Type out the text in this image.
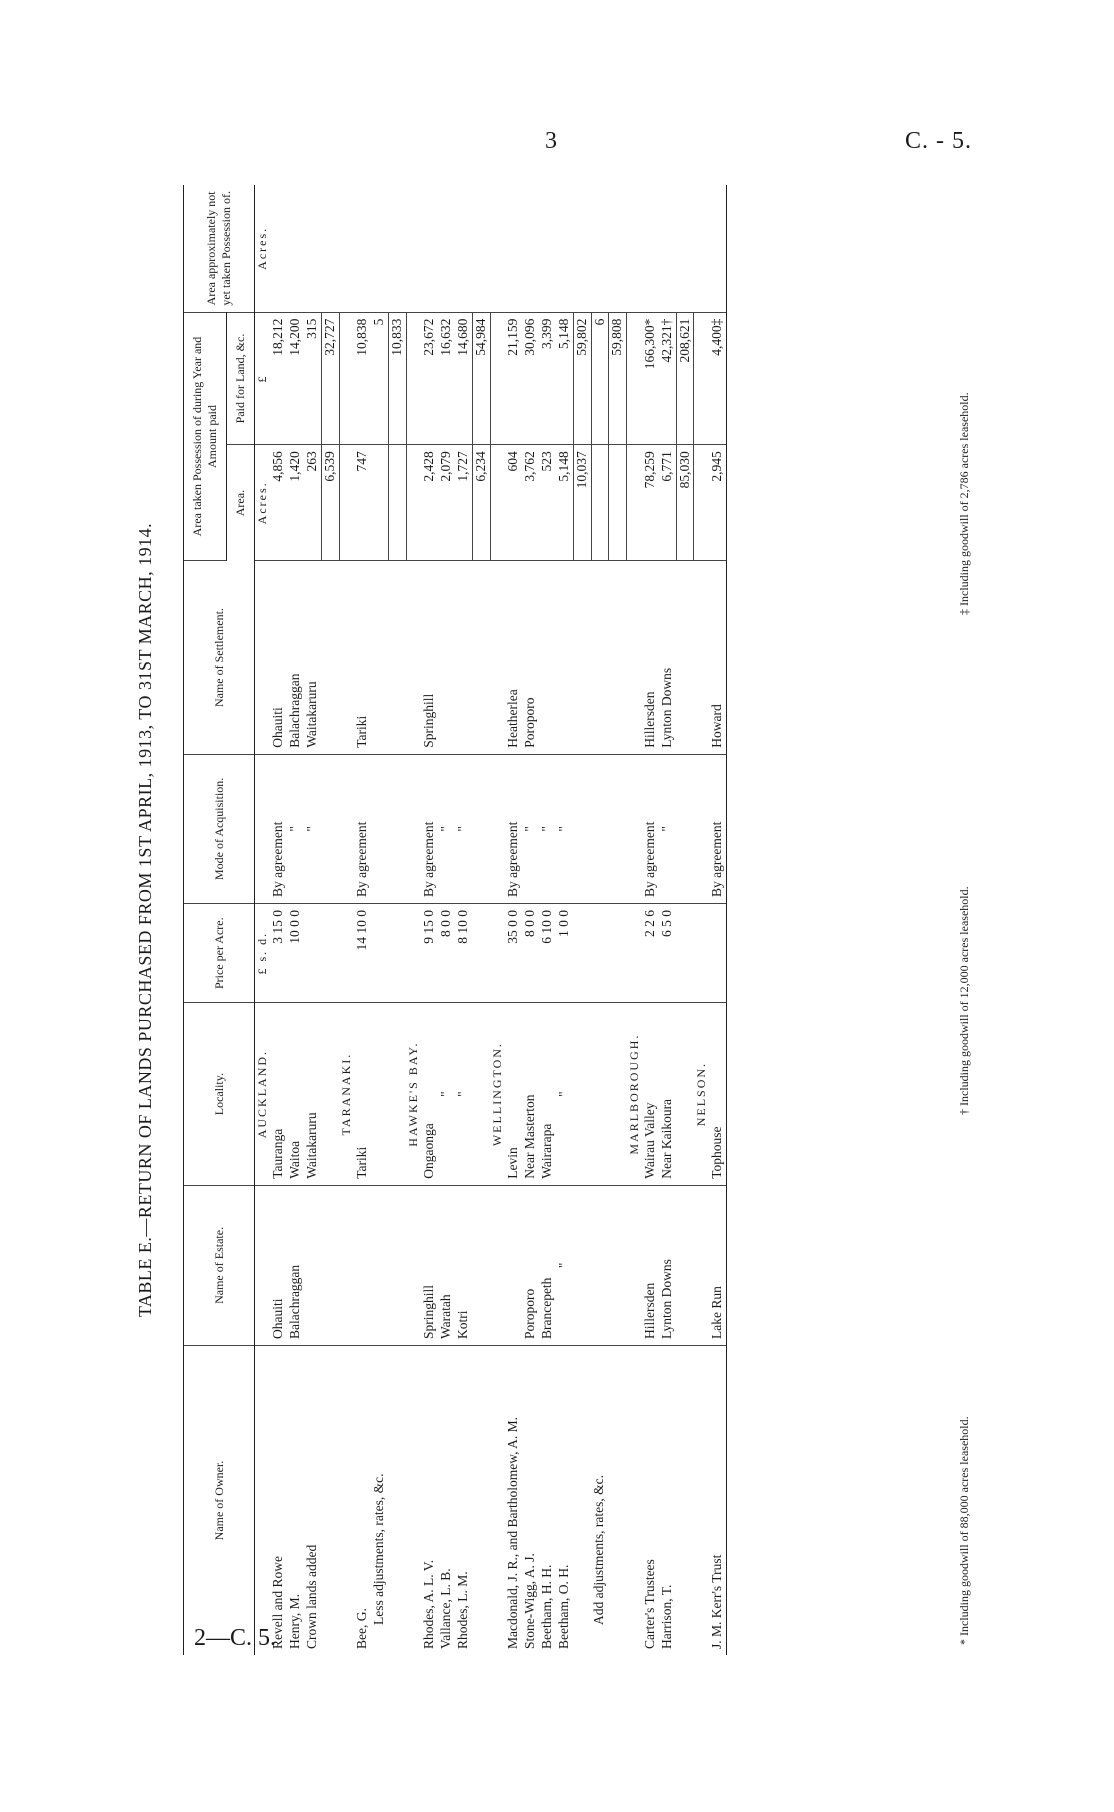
3	C. - 5.
2—C. 5.
TABLE E.—RETURN OF LANDS PURCHASED FROM 1ST APRIL, 1913, TO 31ST MARCH, 1914.
Name of Owner.	Name of Estate.	Locality.	Price per Acre.	Mode of Acquisition.	Name of Settlement.	Area taken Possession of during Year and Amount paid		Area approximately not yet taken Possession of.
						Area.	Paid for Land, &c.	
		AUCKLAND.	£ s. d.			Acres.	£	Acres.
Revell and Rowe	Ohauiti	Tauranga	3 15 0	By agreement	Ohauiti	4,856	18,212	
Henry, M.	Balachraggan	Waitoa	10 0 0	"	Balachraggan	1,420	14,200	
Crown lands added		Waitakaruru		"	Waitakaruru	263	315	
						6,539	32,727	
		TARANAKI.						
Bee, G.		Tariki	14 10 0	By agreement	Tariki	747	10,838	
Less adjustments, rates, &c.							5	
							10,833	
		HAWKE'S BAY.						
Rhodes, A. L. V.	Springhill	Ongaonga	9 15 0	By agreement	Springhill	2,428	23,672	
Vallance, L. B.	Waratah	"	8 0 0	"		2,079	16,632	
Rhodes, L. M.	Kotri	"	8 10 0	"		1,727	14,680	
						6,234	54,984	
		WELLINGTON.						
Macdonald, J. R., and Bartholomew, A. M.		Levin	35 0 0	By agreement	Heatherlea	604	21,159	
Stone-Wigg, A. J.	Poroporo	Near Masterton	8 0 0	"	Poroporo	3,762	30,096	
Beetham, H. H.	Brancepeth	Wairarapa	6 10 0	"		523	3,399	
Beetham, O. H.	"	"	1 0 0	"		5,148	5,148	
						10,037	59,802	
Add adjustments, rates, &c.							6	
							59,808	
		MARLBOROUGH.						
Carter's Trustees	Hillersden	Wairau Valley	2 2 6	By agreement	Hillersden	78,259	166,300*	
Harrison, T.	Lynton Downs	Near Kaikoura	6 5 0	"	Lynton Downs	6,771	42,321†	
						85,030	208,621	
		NELSON.						
J. M. Kerr's Trust	Lake Run	Tophouse		By agreement	Howard	2,945	4,400‡	
* Including goodwill of 88,000 acres leasehold.
† Including goodwill of 12,000 acres leasehold.
‡ Including goodwill of 2,786 acres leasehold.
